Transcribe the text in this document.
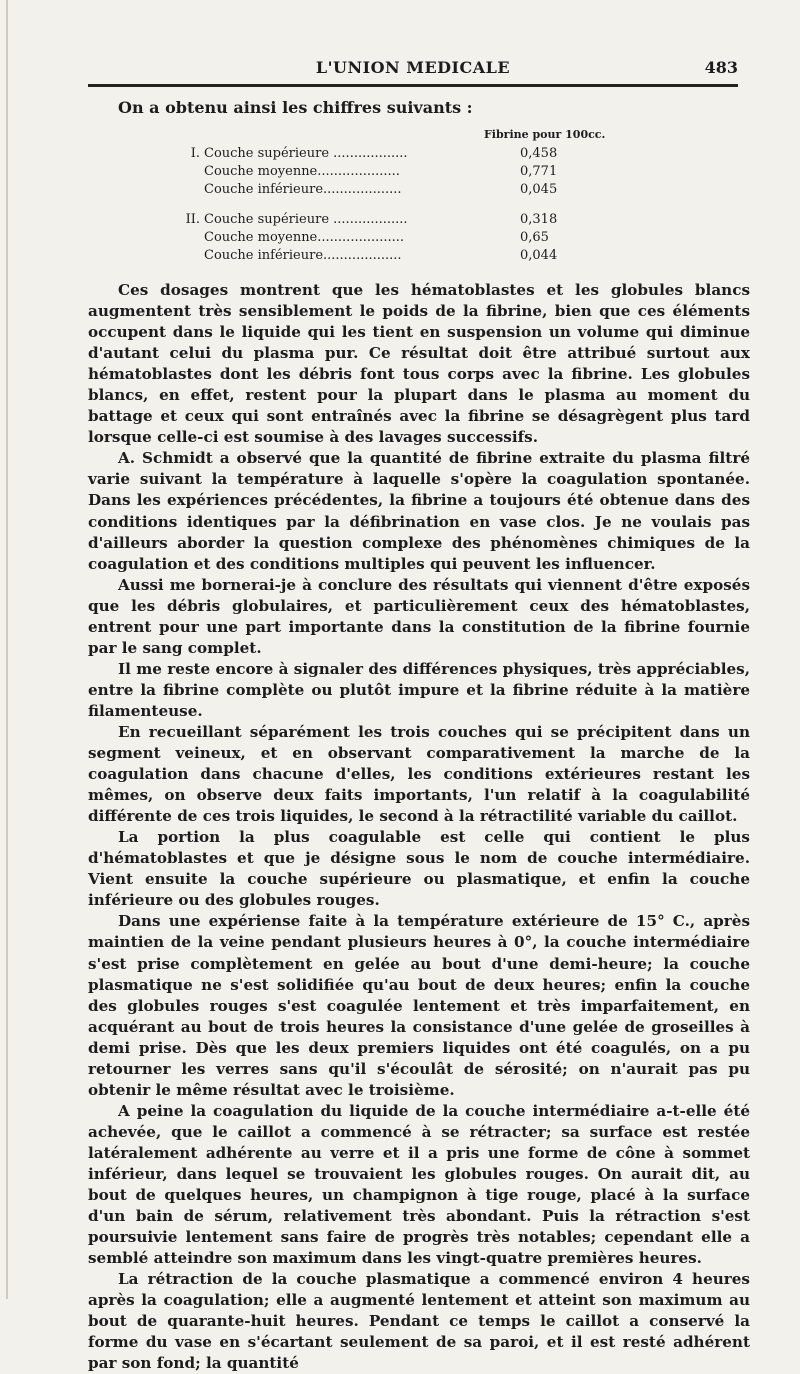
L'UNION MEDICALE	483
On a obtenu ainsi les chiffres suivants :
Fibrine pour 100cc.
I. Couche supérieure ..................	0,458
Couche moyenne....................	0,771
Couche inférieure...................	0,045
II. Couche supérieure ..................	0,318
Couche moyenne.....................	0,65
Couche inférieure...................	0,044

Ces dosages montrent que les hématoblastes et les globules blancs augmentent très sensiblement le poids de la fibrine, bien que ces éléments occupent dans le liquide qui les tient en suspension un volume qui diminue d'autant celui du plasma pur. Ce résultat doit être attribué surtout aux hématoblastes dont les débris font tous corps avec la fibrine. Les globules blancs, en effet, restent pour la plupart dans le plasma au moment du battage et ceux qui sont entraînés avec la fibrine se désagrègent plus tard lorsque celle-ci est soumise à des lavages successifs.

A. Schmidt a observé que la quantité de fibrine extraite du plasma filtré varie suivant la température à laquelle s'opère la coagulation spontanée. Dans les expériences précédentes, la fibrine a toujours été obtenue dans des conditions identiques par la défibrination en vase clos. Je ne voulais pas d'ailleurs aborder la question complexe des phénomènes chimiques de la coagulation et des conditions multiples qui peuvent les influencer.

Aussi me bornerai-je à conclure des résultats qui viennent d'être exposés que les débris globulaires, et particulièrement ceux des hématoblastes, entrent pour une part importante dans la constitution de la fibrine fournie par le sang complet.

Il me reste encore à signaler des différences physiques, très appréciables, entre la fibrine complète ou plutôt impure et la fibrine réduite à la matière filamenteuse.

En recueillant séparément les trois couches qui se précipitent dans un segment veineux, et en observant comparativement la marche de la coagulation dans chacune d'elles, les conditions extérieures restant les mêmes, on observe deux faits importants, l'un relatif à la coagulabilité différente de ces trois liquides, le second à la rétractilité variable du caillot.

La portion la plus coagulable est celle qui contient le plus d'hématoblastes et que je désigne sous le nom de couche intermédiaire. Vient ensuite la couche supérieure ou plasmatique, et enfin la couche inférieure ou des globules rouges.

Dans une expériense faite à la température extérieure de 15° C., après maintien de la veine pendant plusieurs heures à 0°, la couche intermédiaire s'est prise complètement en gelée au bout d'une demi-heure; la couche plasmatique ne s'est solidifiée qu'au bout de deux heures; enfin la couche des globules rouges s'est coagulée lentement et très imparfaitement, en acquérant au bout de trois heures la consistance d'une gelée de groseilles à demi prise. Dès que les deux premiers liquides ont été coagulés, on a pu retourner les verres sans qu'il s'écoulât de sérosité; on n'aurait pas pu obtenir le même résultat avec le troisième.

A peine la coagulation du liquide de la couche intermédiaire a-t-elle été achevée, que le caillot a commencé à se rétracter; sa surface est restée latéralement adhérente au verre et il a pris une forme de cône à sommet inférieur, dans lequel se trouvaient les globules rouges. On aurait dit, au bout de quelques heures, un champignon à tige rouge, placé à la surface d'un bain de sérum, relativement très abondant. Puis la rétraction s'est poursuivie lentement sans faire de progrès très notables; cependant elle a semblé atteindre son maximum dans les vingt-quatre premières heures.

La rétraction de la couche plasmatique a commencé environ 4 heures après la coagulation; elle a augmenté lentement et atteint son maximum au bout de quarante-huit heures. Pendant ce temps le caillot a conservé la forme du vase en s'écartant seulement de sa paroi, et il est resté adhérent par son fond; la quantité
